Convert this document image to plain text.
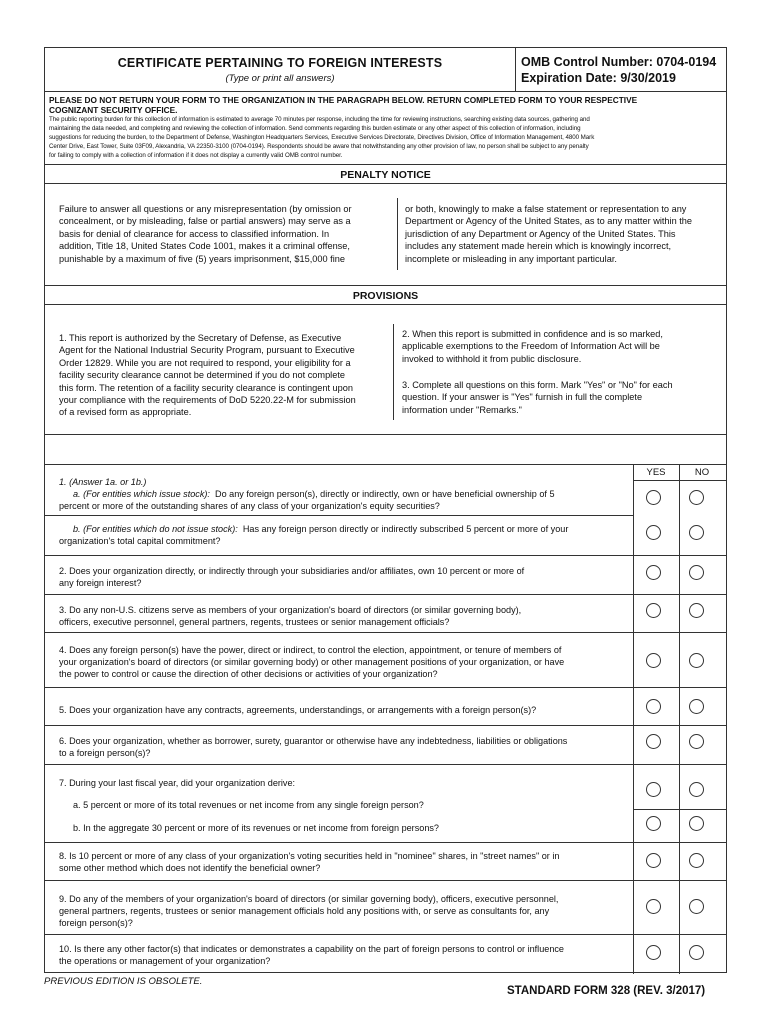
CERTIFICATE PERTAINING TO FOREIGN INTERESTS
(Type or print all answers)
OMB Control Number: 0704-0194
Expiration Date: 9/30/2019
PLEASE DO NOT RETURN YOUR FORM TO THE ORGANIZATION IN THE PARAGRAPH BELOW. RETURN COMPLETED FORM TO YOUR RESPECTIVE
COGNIZANT SECURITY OFFICE.
The public reporting burden for this collection of information is estimated to average 70 minutes per response, including the time for reviewing instructions, searching existing data sources, gathering and
maintaining the data needed, and completing and reviewing the collection of information. Send comments regarding this burden estimate or any other aspect of this collection of information, including
suggestions for reducing the burden, to the Department of Defense, Washington Headquarters Services, Executive Services Directorate, Directives Division, Office of Information Management, 4800 Mark
Center Drive, East Tower, Suite 03F09, Alexandria, VA 22350-3100 (0704-0194). Respondents should be aware that notwithstanding any other provision of law, no person shall be subject to any penalty
for failing to comply with a collection of information if it does not display a currently valid OMB control number.
PENALTY NOTICE
Failure to answer all questions or any misrepresentation (by omission or
concealment, or by misleading, false or partial answers) may serve as a
basis for denial of clearance for access to classified information. In
addition, Title 18, United States Code 1001, makes it a criminal offense,
punishable by a maximum of five (5) years imprisonment, $15,000 fine
or both, knowingly to make a false statement or representation to any
Department or Agency of the United States, as to any matter within the
jurisdiction of any Department or Agency of the United States. This
includes any statement made herein which is knowingly incorrect,
incomplete or misleading in any important particular.
PROVISIONS
1. This report is authorized by the Secretary of Defense, as Executive
Agent for the National Industrial Security Program, pursuant to Executive
Order 12829. While you are not required to respond, your eligibility for a
facility security clearance cannot be determined if you do not complete
this form. The retention of a facility security clearance is contingent upon
your compliance with the requirements of DoD 5220.22-M for submission
of a revised form as appropriate.
2. When this report is submitted in confidence and is so marked,
applicable exemptions to the Freedom of Information Act will be
invoked to withhold it from public disclosure.
3. Complete all questions on this form. Mark "Yes" or "No" for each
question. If your answer is "Yes" furnish in full the complete
information under "Remarks."
YES	NO
1. (Answer 1a. or 1b.)
a. (For entities which issue stock): Do any foreign person(s), directly or indirectly, own or have beneficial ownership of 5
percent or more of the outstanding shares of any class of your organization's equity securities?
b. (For entities which do not issue stock): Has any foreign person directly or indirectly subscribed 5 percent or more of your
organization's total capital commitment?
2. Does your organization directly, or indirectly through your subsidiaries and/or affiliates, own 10 percent or more of
any foreign interest?
3. Do any non-U.S. citizens serve as members of your organization's board of directors (or similar governing body),
officers, executive personnel, general partners, regents, trustees or senior management officials?
4. Does any foreign person(s) have the power, direct or indirect, to control the election, appointment, or tenure of members of
your organization's board of directors (or similar governing body) or other management positions of your organization, or have
the power to control or cause the direction of other decisions or activities of your organization?
5. Does your organization have any contracts, agreements, understandings, or arrangements with a foreign person(s)?
6. Does your organization, whether as borrower, surety, guarantor or otherwise have any indebtedness, liabilities or obligations
to a foreign person(s)?
7. During your last fiscal year, did your organization derive:
a. 5 percent or more of its total revenues or net income from any single foreign person?
b. In the aggregate 30 percent or more of its revenues or net income from foreign persons?
8. Is 10 percent or more of any class of your organization's voting securities held in "nominee" shares, in "street names" or in
some other method which does not identify the beneficial owner?
9. Do any of the members of your organization's board of directors (or similar governing body), officers, executive personnel,
general partners, regents, trustees or senior management officials hold any positions with, or serve as consultants for, any
foreign person(s)?
10. Is there any other factor(s) that indicates or demonstrates a capability on the part of foreign persons to control or influence
the operations or management of your organization?
PREVIOUS EDITION IS OBSOLETE.
STANDARD FORM 328 (REV. 3/2017)
